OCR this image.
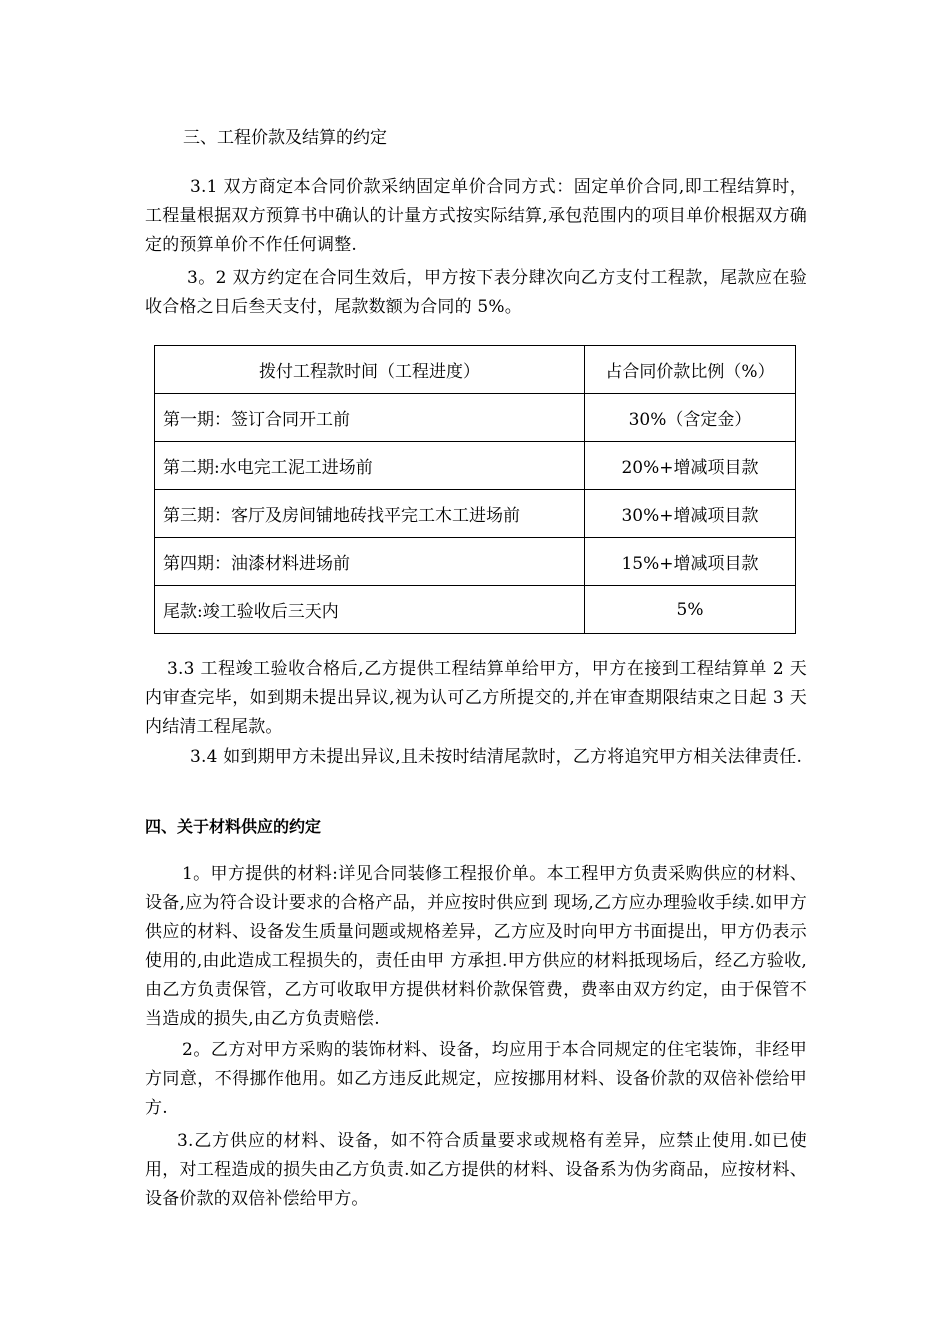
三、工程价款及结算的约定
3.1 双方商定本合同价款采纳固定单价合同方式：固定单价合同,即工程结算时，工程量根据双方预算书中确认的计量方式按实际结算,承包范围内的项目单价根据双方确定的预算单价不作任何调整.
3。2 双方约定在合同生效后，甲方按下表分肆次向乙方支付工程款，尾款应在验收合格之日后叁天支付，尾款数额为合同的 5%。
拨付工程款时间（工程进度）	占合同价款比例（%）
第一期：签订合同开工前	30%（含定金）
第二期:水电完工泥工进场前	20%+增减项目款
第三期：客厅及房间铺地砖找平完工木工进场前	30%+增减项目款
第四期：油漆材料进场前	15%+增减项目款
尾款:竣工验收后三天内	5%
3.3 工程竣工验收合格后,乙方提供工程结算单给甲方，甲方在接到工程结算单 2 天内审查完毕，如到期未提出异议,视为认可乙方所提交的,并在审查期限结束之日起 3 天内结清工程尾款。
3.4 如到期甲方未提出异议,且未按时结清尾款时，乙方将追究甲方相关法律责任.
四、关于材料供应的约定
1。甲方提供的材料:详见合同装修工程报价单。本工程甲方负责采购供应的材料、设备,应为符合设计要求的合格产品，并应按时供应到 现场,乙方应办理验收手续.如甲方供应的材料、设备发生质量问题或规格差异，乙方应及时向甲方书面提出，甲方仍表示使用的,由此造成工程损失的，责任由甲 方承担.甲方供应的材料抵现场后，经乙方验收,由乙方负责保管，乙方可收取甲方提供材料价款保管费，费率由双方约定，由于保管不当造成的损失,由乙方负责赔偿.
2。乙方对甲方采购的装饰材料、设备，均应用于本合同规定的住宅装饰，非经甲方同意，不得挪作他用。如乙方违反此规定，应按挪用材料、设备价款的双倍补偿给甲方.
3.乙方供应的材料、设备，如不符合质量要求或规格有差异，应禁止使用.如已使用，对工程造成的损失由乙方负责.如乙方提供的材料、设备系为伪劣商品，应按材料、设备价款的双倍补偿给甲方。
